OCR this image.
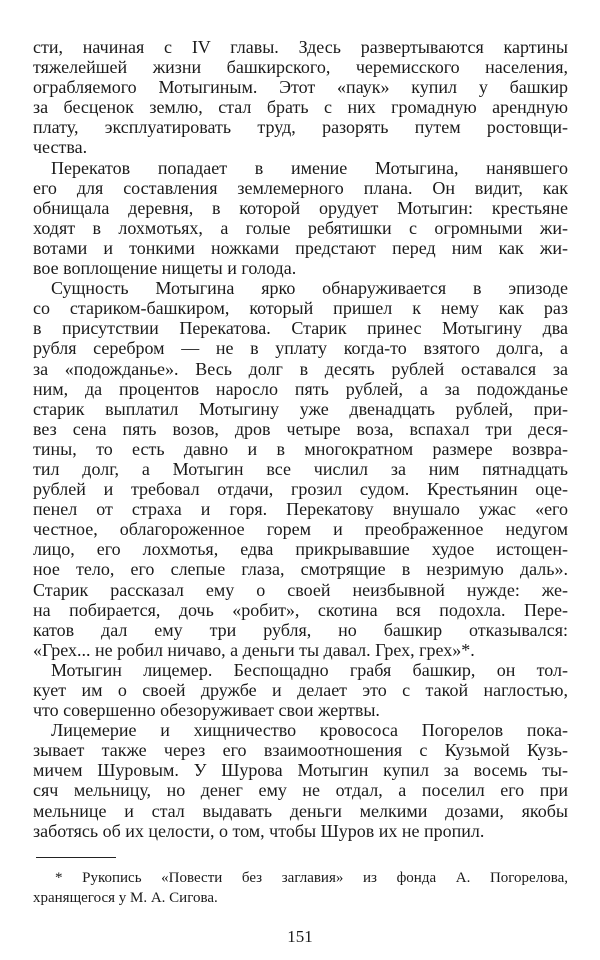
сти, начиная с IV главы. Здесь развертываются картины
тяжелейшей жизни башкирского, черемисского населения,
ограбляемого Мотыгиным. Этот «паук» купил у башкир
за бесценок землю, стал брать с них громадную арендную
плату, эксплуатировать труд, разорять путем ростовщи-
чества.
Перекатов попадает в имение Мотыгина, нанявшего
его для составления землемерного плана. Он видит, как
обнищала деревня, в которой орудует Мотыгин: крестьяне
ходят в лохмотьях, а голые ребятишки с огромными жи-
вотами и тонкими ножками предстают перед ним как жи-
вое воплощение нищеты и голода.
Сущность Мотыгина ярко обнаруживается в эпизоде
со стариком-башкиром, который пришел к нему как раз
в присутствии Перекатова. Старик принес Мотыгину два
рубля серебром — не в уплату когда-то взятого долга, а
за «подожданье». Весь долг в десять рублей оставался за
ним, да процентов наросло пять рублей, а за подожданье
старик выплатил Мотыгину уже двенадцать рублей, при-
вез сена пять возов, дров четыре воза, вспахал три деся-
тины, то есть давно и в многократном размере возвра-
тил долг, а Мотыгин все числил за ним пятнадцать
рублей и требовал отдачи, грозил судом. Крестьянин оце-
пенел от страха и горя. Перекатову внушало ужас «его
честное, облагороженное горем и преображенное недугом
лицо, его лохмотья, едва прикрывавшие худое истощен-
ное тело, его слепые глаза, смотрящие в незримую даль».
Старик рассказал ему о своей неизбывной нужде: же-
на побирается, дочь «робит», скотина вся подохла. Пере-
катов дал ему три рубля, но башкир отказывался:
«Грех... не робил ничаво, а деньги ты давал. Грех, грех»*.
Мотыгин лицемер. Беспощадно грабя башкир, он тол-
кует им о своей дружбе и делает это с такой наглостью,
что совершенно обезоруживает свои жертвы.
Лицемерие и хищничество кровососа Погорелов пока-
зывает также через его взаимоотношения с Кузьмой Кузь-
мичем Шуровым. У Шурова Мотыгин купил за восемь ты-
сяч мельницу, но денег ему не отдал, а поселил его при
мельнице и стал выдавать деньги мелкими дозами, якобы
заботясь об их целости, о том, чтобы Шуров их не пропил.
* Рукопись «Повести без заглавия» из фонда А. Погорелова,
хранящегося у М. А. Сигова.
151
